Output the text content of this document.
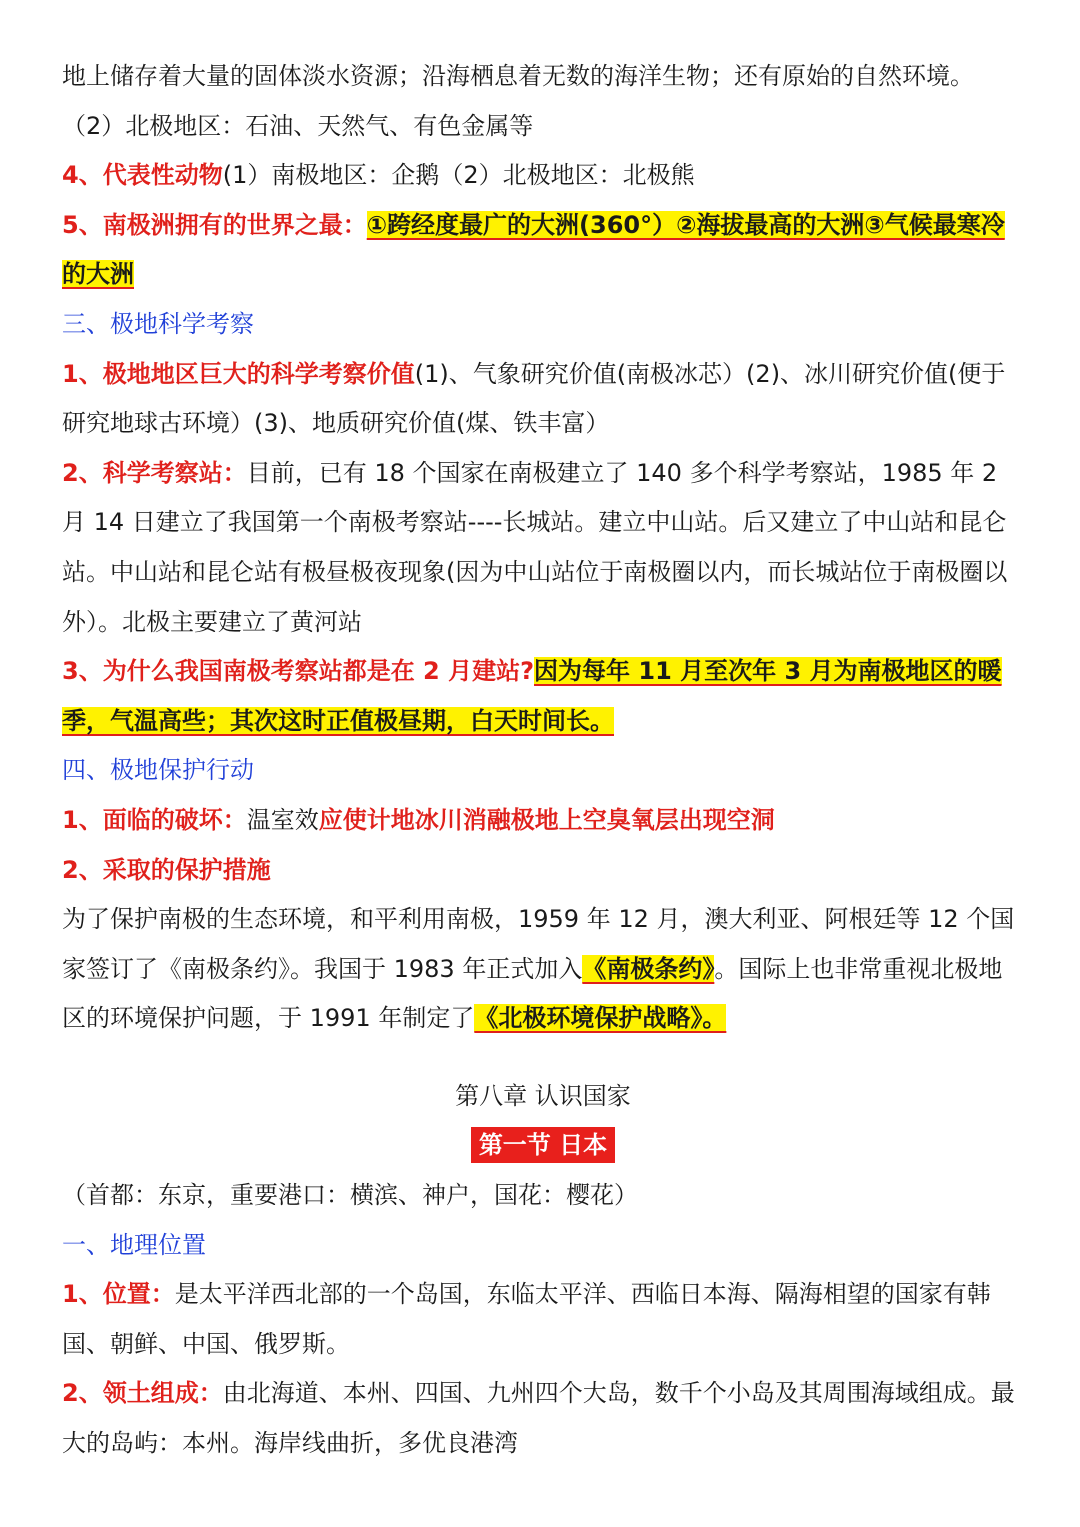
地上储存着大量的固体淡水资源；沿海栖息着无数的海洋生物；还有原始的自然环境。

（2）北极地区：石油、天然气、有色金属等

4、代表性动物(1）南极地区：企鹅（2）北极地区：北极熊

5、南极洲拥有的世界之最：①跨经度最广的大洲(360°）②海拔最高的大洲③气候最寒冷的大洲

三、极地科学考察

1、极地地区巨大的科学考察价值(1)、气象研究价值(南极冰芯）(2)、冰川研究价值(便于研究地球古环境）(3)、地质研究价值(煤、铁丰富）

2、科学考察站：目前，已有 18 个国家在南极建立了 140 多个科学考察站，1985 年 2 月 14 日建立了我国第一个南极考察站----长城站。建立中山站。后又建立了中山站和昆仑站。中山站和昆仑站有极昼极夜现象(因为中山站位于南极圈以内，而长城站位于南极圈以外）。北极主要建立了黄河站

3、为什么我国南极考察站都是在 2 月建站?因为每年 11 月至次年 3 月为南极地区的暖季，气温高些；其次这时正值极昼期，白天时间长。

四、极地保护行动

1、面临的破坏：温室效应使计地冰川消融极地上空臭氧层出现空洞

2、采取的保护措施

为了保护南极的生态环境，和平利用南极，1959 年 12 月，澳大利亚、阿根廷等 12 个国家签订了《南极条约》。我国于 1983 年正式加入《南极条约》。国际上也非常重视北极地区的环境保护问题，于 1991 年制定了《北极环境保护战略》。

第八章 认识国家

第一节 日本

（首都：东京，重要港口：横滨、神户，国花：樱花）

一、地理位置

1、位置：是太平洋西北部的一个岛国，东临太平洋、西临日本海、隔海相望的国家有韩国、朝鲜、中国、俄罗斯。

2、领土组成：由北海道、本州、四国、九州四个大岛，数千个小岛及其周围海域组成。最大的岛屿：本州。海岸线曲折，多优良港湾
